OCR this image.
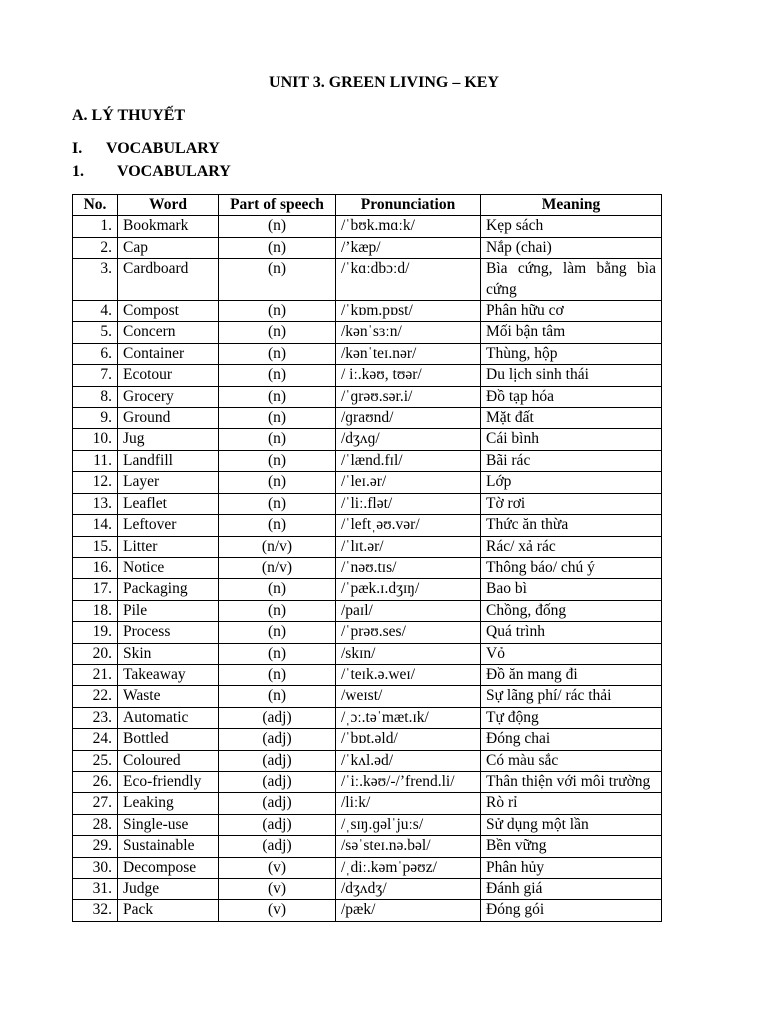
UNIT 3. GREEN LIVING – KEY
A. LÝ THUYẾT
I. VOCABULARY
1. VOCABULARY
No.	Word	Part of speech	Pronunciation	Meaning
1.	Bookmark	(n)	/ˈbʊk.mɑːk/	Kẹp sách
2.	Cap	(n)	/’kæp/	Nắp (chai)
3.	Cardboard	(n)	/ˈkɑːdbɔːd/	Bìa cứng, làm bằng bìa cứng
4.	Compost	(n)	/ˈkɒm.pɒst/	Phân hữu cơ
5.	Concern	(n)	/kənˈsɜːn/	Mối bận tâm
6.	Container	(n)	/kənˈteɪ.nər/	Thùng, hộp
7.	Ecotour	(n)	/ iː.kəʊ, tʊər/	Du lịch sinh thái
8.	Grocery	(n)	/ˈɡrəʊ.sər.i/	Đồ tạp hóa
9.	Ground	(n)	/ɡraʊnd/	Mặt đất
10.	Jug	(n)	/dʒʌɡ/	Cái bình
11.	Landfill	(n)	/ˈlænd.fɪl/	Bãi rác
12.	Layer	(n)	/ˈleɪ.ər/	Lớp
13.	Leaflet	(n)	/ˈliː.flət/	Tờ rơi
14.	Leftover	(n)	/ˈleftˌəʊ.vər/	Thức ăn thừa
15.	Litter	(n/v)	/ˈlɪt.ər/	Rác/ xả rác
16.	Notice	(n/v)	/ˈnəʊ.tɪs/	Thông báo/ chú ý
17.	Packaging	(n)	/ˈpæk.ɪ.dʒɪŋ/	Bao bì
18.	Pile	(n)	/paɪl/	Chồng, đống
19.	Process	(n)	/ˈprəʊ.ses/	Quá trình
20.	Skin	(n)	/skɪn/	Vỏ
21.	Takeaway	(n)	/ˈteɪk.ə.weɪ/	Đồ ăn mang đi
22.	Waste	(n)	/weɪst/	Sự lãng phí/ rác thải
23.	Automatic	(adj)	/ˌɔː.təˈmæt.ɪk/	Tự động
24.	Bottled	(adj)	/ˈbɒt.əld/	Đóng chai
25.	Coloured	(adj)	/ˈkʌl.əd/	Có màu sắc
26.	Eco-friendly	(adj)	/ˈiː.kəʊ/-/’frend.li/	Thân thiện với môi trường
27.	Leaking	(adj)	/liːk/	Rò rỉ
28.	Single-use	(adj)	/ˌsɪŋ.ɡəlˈjuːs/	Sử dụng một lần
29.	Sustainable	(adj)	/səˈsteɪ.nə.bəl/	Bền vững
30.	Decompose	(v)	/ˌdiː.kəmˈpəʊz/	Phân hủy
31.	Judge	(v)	/dʒʌdʒ/	Đánh giá
32.	Pack	(v)	/pæk/	Đóng gói
